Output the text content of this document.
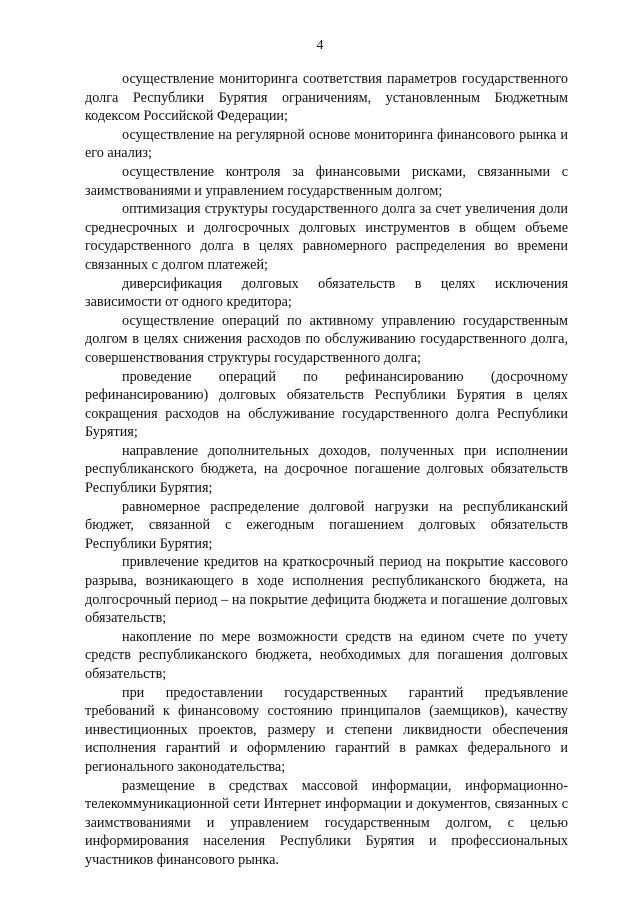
4

осуществление мониторинга соответствия параметров государственного долга Республики Бурятия ограничениям, установленным Бюджетным кодексом Российской Федерации;

осуществление на регулярной основе мониторинга финансового рынка и его анализ;

осуществление контроля за финансовыми рисками, связанными с заимствованиями и управлением государственным долгом;

оптимизация структуры государственного долга за счет увеличения доли среднесрочных и долгосрочных долговых инструментов в общем объеме государственного долга в целях равномерного распределения во времени связанных с долгом платежей;

диверсификация долговых обязательств в целях исключения зависимости от одного кредитора;

осуществление операций по активному управлению государственным долгом в целях снижения расходов по обслуживанию государственного долга, совершенствования структуры государственного долга;

проведение операций по рефинансированию (досрочному рефинансированию) долговых обязательств Республики Бурятия в целях сокращения расходов на обслуживание государственного долга Республики Бурятия;

направление дополнительных доходов, полученных при исполнении республиканского бюджета, на досрочное погашение долговых обязательств Республики Бурятия;

равномерное распределение долговой нагрузки на республиканский бюджет, связанной с ежегодным погашением долговых обязательств Республики Бурятия;

привлечение кредитов на краткосрочный период на покрытие кассового разрыва, возникающего в ходе исполнения республиканского бюджета, на долгосрочный период – на покрытие дефицита бюджета и погашение долговых обязательств;

накопление по мере возможности средств на едином счете по учету средств республиканского бюджета, необходимых для погашения долговых обязательств;

при предоставлении государственных гарантий предъявление требований к финансовому состоянию принципалов (заемщиков), качеству инвестиционных проектов, размеру и степени ликвидности обеспечения исполнения гарантий и оформлению гарантий в рамках федерального и регионального законодательства;

размещение в средствах массовой информации, информационно-телекоммуникационной сети Интернет информации и документов, связанных с заимствованиями и управлением государственным долгом, с целью информирования населения Республики Бурятия и профессиональных участников финансового рынка.
